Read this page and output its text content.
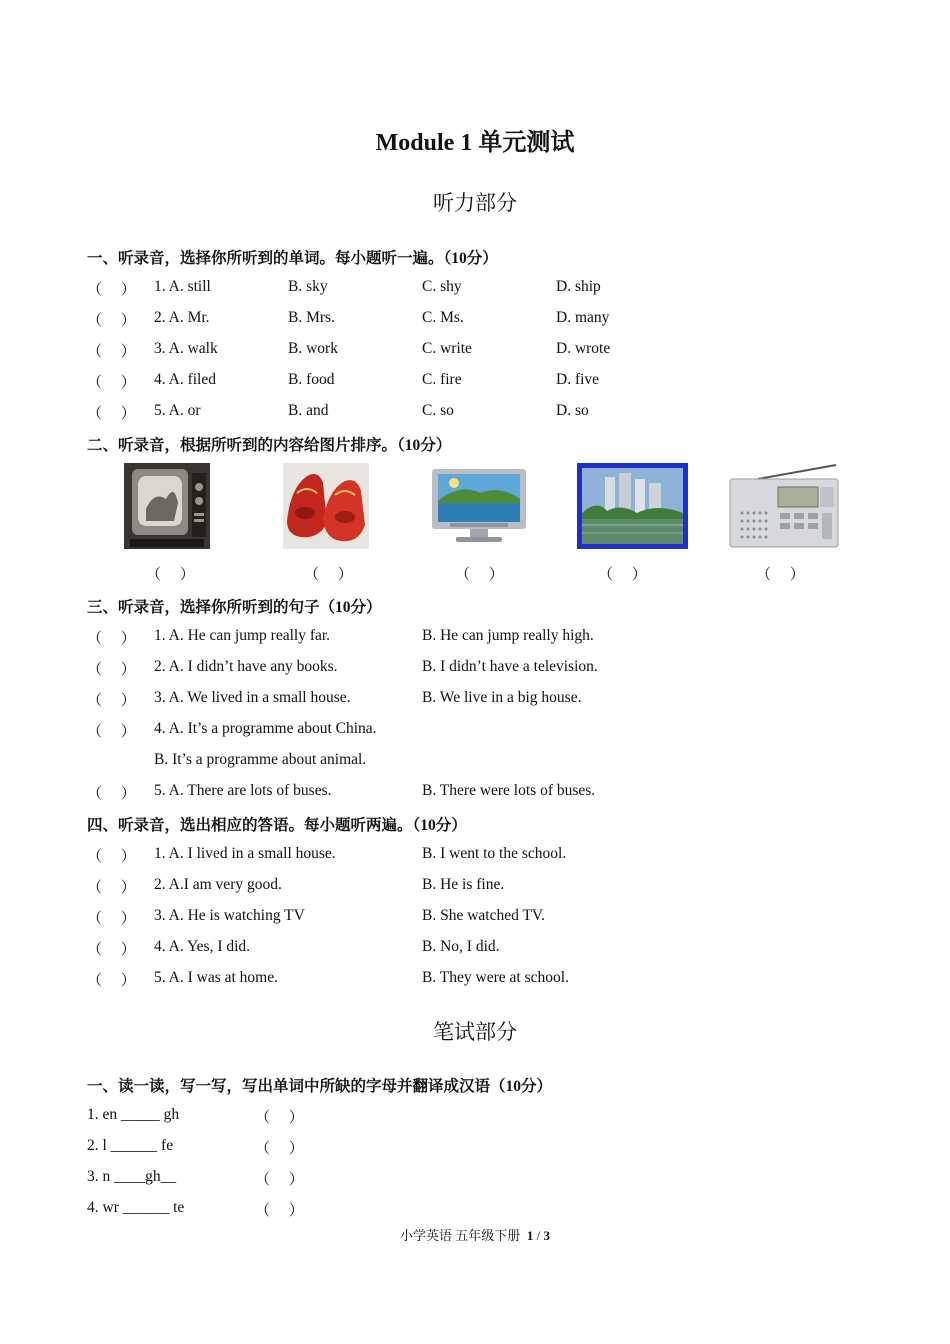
Module 1 单元测试
听力部分
一、听录音，选择你所听到的单词。每小题听一遍。（10分）
（     ） 1. A. still	B. sky	C. shy	D. ship
（     ） 2. A. Mr.	B. Mrs.	C. Ms.	D. many
（     ） 3. A. walk	B. work	C. write	D. wrote
（     ） 4. A. filed	B. food	C. fire	D. five
（     ） 5. A. or	B. and	C. so	D. so
二、听录音，根据所听到的内容给图片排序。（10分）
（     ）	（     ）	（     ）	（     ）	（     ）
三、听录音，选择你所听到的句子（10分）
（     ） 1. A. He can jump really far.	B. He can jump really high.
（     ） 2. A. I didn’t have any books.	B. I didn’t have a television.
（     ） 3. A. We lived in a small house.	B. We live in a big house.
（     ） 4. A. It’s a programme about China.
B. It’s a programme about animal.
（     ） 5. A. There are lots of buses.	B. There were lots of buses.
四、听录音，选出相应的答语。每小题听两遍。（10分）
（     ） 1. A. I lived in a small house.	B. I went to the school.
（     ） 2. A.I am very good.	B. He is fine.
（     ） 3. A. He is watching TV	B. She watched TV.
（     ） 4. A. Yes, I did.	B. No, I did.
（     ） 5. A. I was at home.	B. They were at school.
笔试部分
一、读一读，写一写，写出单词中所缺的字母并翻译成汉语（10分）
1. en _____ gh	（     ）
2. l ______ fe	（     ）
3. n ____gh__	（     ）
4. wr ______ te	（     ）
小学英语 五年级下册 1 / 3
